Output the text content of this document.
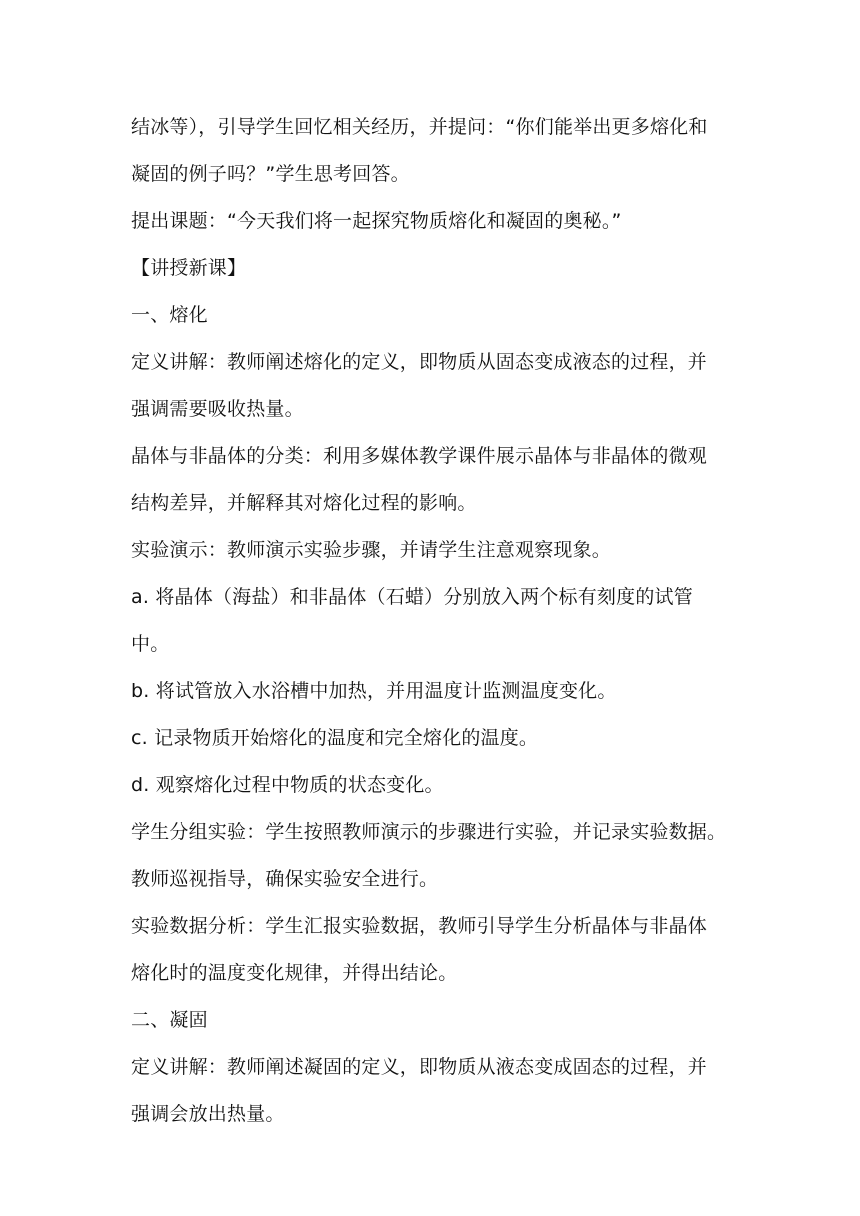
结冰等），引导学生回忆相关经历，并提问：“你们能举出更多熔化和
凝固的例子吗？”学生思考回答。
提出课题：“今天我们将一起探究物质熔化和凝固的奥秘。”
【讲授新课】
一、熔化
定义讲解：教师阐述熔化的定义，即物质从固态变成液态的过程，并
强调需要吸收热量。
晶体与非晶体的分类：利用多媒体教学课件展示晶体与非晶体的微观
结构差异，并解释其对熔化过程的影响。
实验演示：教师演示实验步骤，并请学生注意观察现象。
a. 将晶体（海盐）和非晶体（石蜡）分别放入两个标有刻度的试管
中。
b. 将试管放入水浴槽中加热，并用温度计监测温度变化。
c. 记录物质开始熔化的温度和完全熔化的温度。
d. 观察熔化过程中物质的状态变化。
学生分组实验：学生按照教师演示的步骤进行实验，并记录实验数据。
教师巡视指导，确保实验安全进行。
实验数据分析：学生汇报实验数据，教师引导学生分析晶体与非晶体
熔化时的温度变化规律，并得出结论。
二、凝固
定义讲解：教师阐述凝固的定义，即物质从液态变成固态的过程，并
强调会放出热量。
